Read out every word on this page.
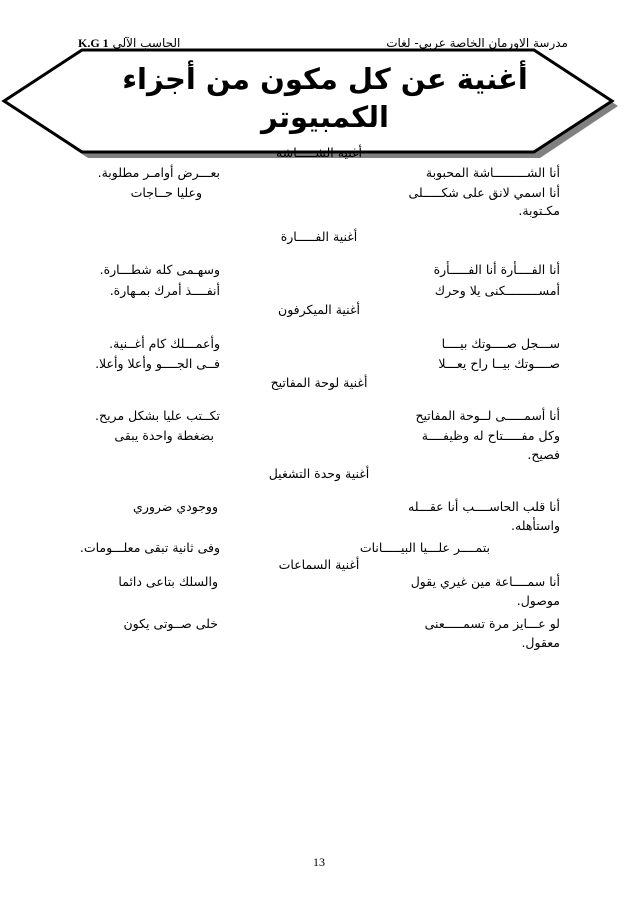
مدرسة الاورمان الخاصة عربي- لغات
الحاسب الآلى K.G 1
أغنية عن كل مكون من أجزاء
الكمبيوتر
أغنية الشـــــاشة
أنا الشـــــــــاشة المحبوبة
بعـــرض أوامـر مطلوبة.
أنا اسمي لانق على شكـــــلى
وعليا حــاجات
مكـتوبة.
أغنية الفـــــارة
أنا الفــــأرة أنا الفـــــأرة
وسهـمى كله شطـــارة.
أمســـــــــكنى يلا وحرك
أنفــــذ أمرك بمـهارة.
أغنية الميكرفون
ســـجل صــــوتك بيــــا
وأعمـــلك كام أغــنية.
صــــوتك بيــا راح يعـــلا
فــى الجــــو وأعلا وأعلا.
أغنية لوحة المفاتيح
أنا أسمـــــى لــوحة المفاتيح
تكــتب عليا بشكل مريح.
وكل مفـــــتاح له وظيفــــة
بضغطة واحدة يبقى
فصيح.
أغنية وحدة التشغيل
أنا قلب الحاســــب أنا عقـــله
ووجودي ضروري
واستأهله.
بتمــــر علـــيا البيـــــانات
وفى ثانية تبقى معلـــومات.
أغنية السماعات
أنا سمــــاعة مين غيري يقول
والسلك بتاعى دائما
موصول.
لو عـــايز مرة تسمـــــعنى
خلى صــوتى يكون
معقول.
13
